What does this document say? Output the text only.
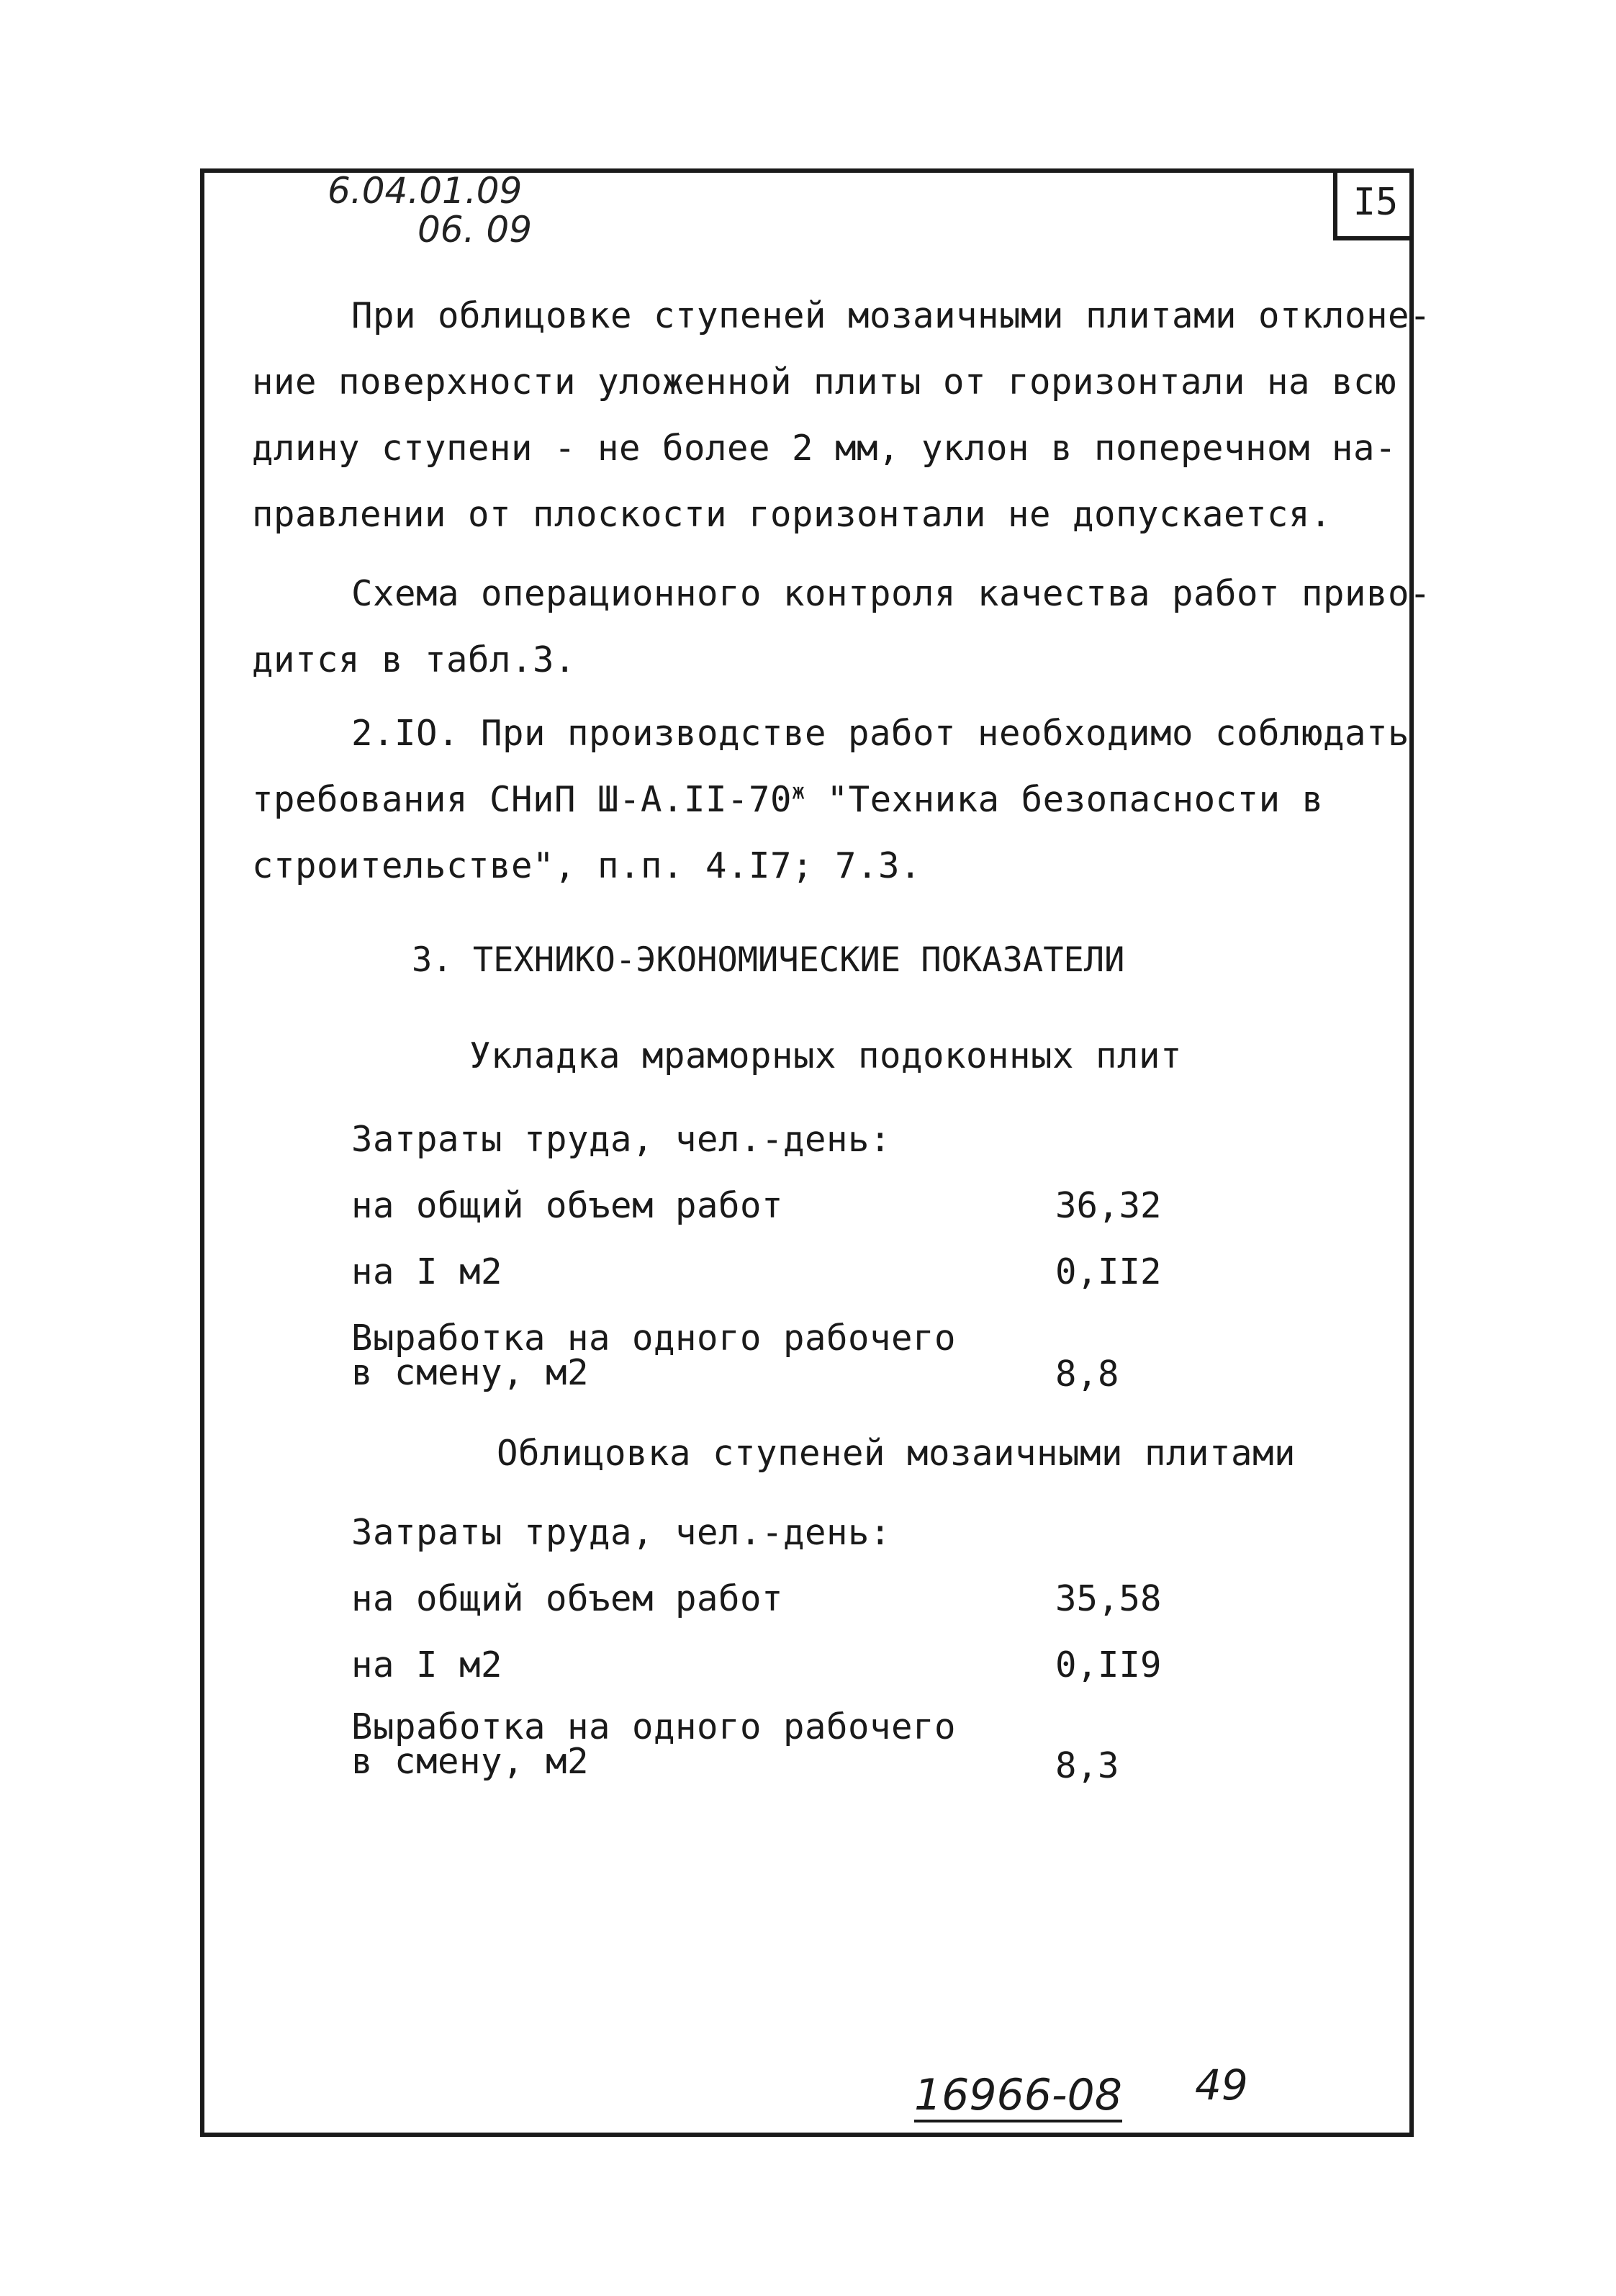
I5
6.04.01.09
06. 09
При облицовке ступеней мозаичными плитами отклоне-
ние поверхности уложенной плиты от горизонтали на всю
длину ступени - не более 2 мм, уклон в поперечном на-
правлении от плоскости горизонтали не допускается.
Схема операционного контроля качества работ приво-
дится в табл.3.
2.IO. При производстве работ необходимо соблюдать
требования СНиП $Ш-А.II-70^ж$ "Техника безопасности в
строительстве", п.п. 4.I7; 7.3.
3. ТЕХНИКО-ЭКОНОМИЧЕСКИЕ ПОКАЗАТЕЛИ
Укладка мраморных подоконных плит
Затраты труда, чел.-день:
на общий объем работ	36,32
на I м2	0,II2
Выработка на одного рабочего
в смену, м2	8,8
Облицовка ступеней мозаичными плитами
Затраты труда, чел.-день:
на общий объем работ	35,58
на I м2	0,II9
Выработка на одного рабочего
в смену, м2	8,3
16966-08 49
